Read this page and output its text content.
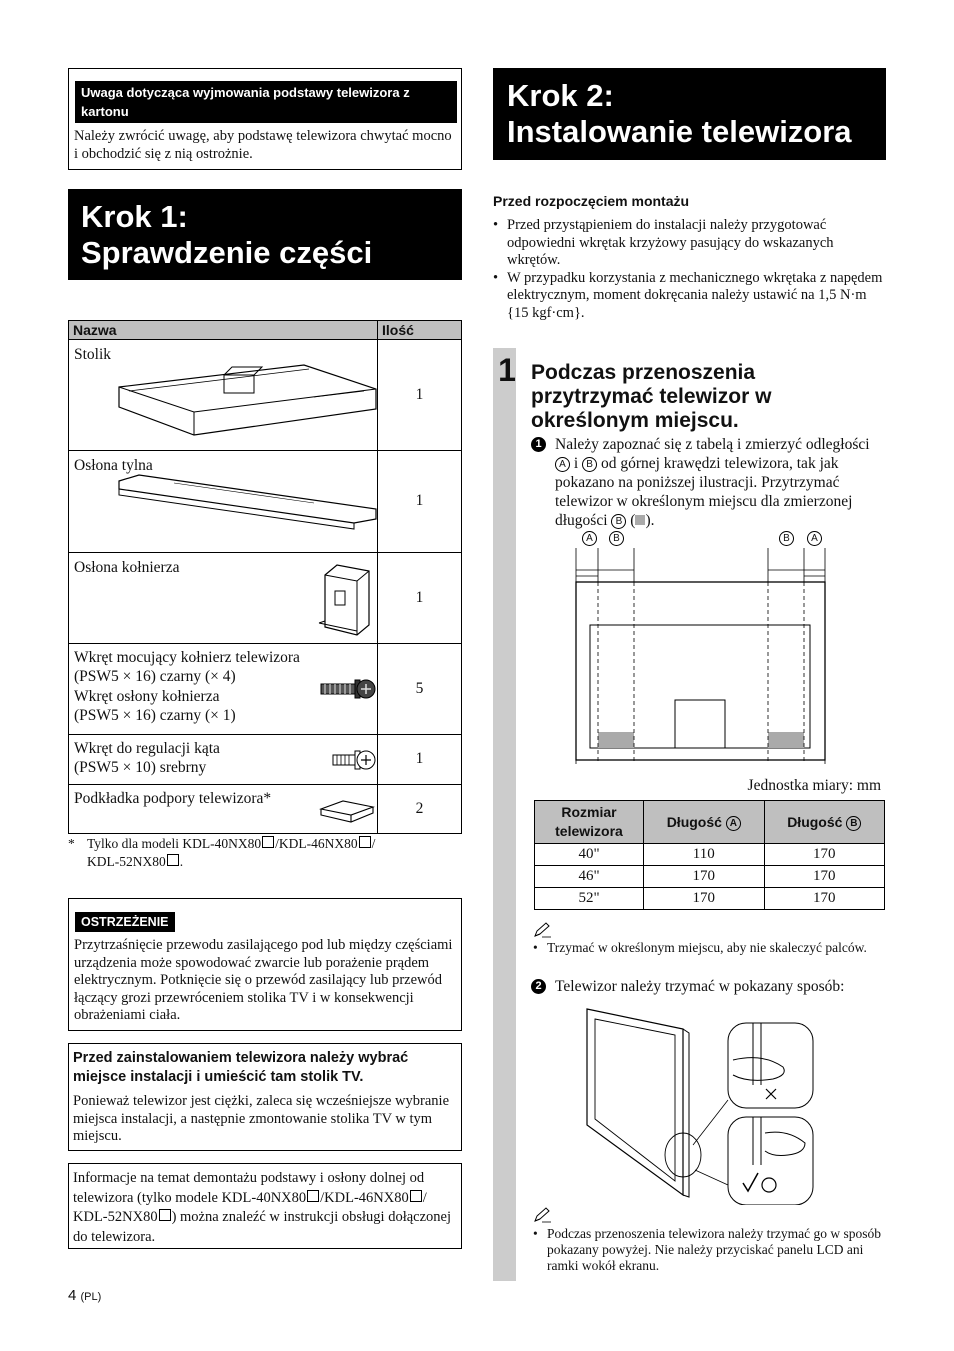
Uwaga dotycząca wyjmowania podstawy telewizora z kartonu
Należy zwrócić uwagę, aby podstawę telewizora chwytać mocno i obchodzić się z nią ostrożnie.
Krok 1:
Sprawdzenie części
Nazwa	Ilość

Stolik	1

Osłona tylna	1

Osłona kołnierza	1

Wkręt mocujący kołnierz telewizora
(PSW5 × 16) czarny (× 4)
Wkręt osłony kołnierza
(PSW5 × 16) czarny (× 1)	5

Wkręt do regulacji kąta
(PSW5 × 10) srebrny	1

Podkładka podpory telewizora*	2
* Tylko dla modeli KDL-40NX80 /KDL-46NX80 /
KDL-52NX80 .
OSTRZEŻENIE
Przytrzaśnięcie przewodu zasilającego pod lub między częściami urządzenia może spowodować zwarcie lub porażenie prądem elektrycznym. Potknięcie się o przewód zasilający lub przewód łączący grozi przewróceniem stolika TV i w konsekwencji obrażeniami ciała.
Przed zainstalowaniem telewizora należy wybrać miejsce instalacji i umieścić tam stolik TV.
Ponieważ telewizor jest ciężki, zaleca się wcześniejsze wybranie miejsca instalacji, a następnie zmontowanie stolika TV w tym miejscu.
Informacje na temat demontażu podstawy i osłony dolnej od telewizora (tylko modele KDL-40NX80 /KDL-46NX80 / KDL-52NX80 ) można znaleźć w instrukcji obsługi dołączonej do telewizora.
4 (PL)
Krok 2:
Instalowanie telewizora
Przed rozpoczęciem montażu
• Przed przystąpieniem do instalacji należy przygotować odpowiedni wkrętak krzyżowy pasujący do wskazanych wkrętów.
• W przypadku korzystania z mechanicznego wkrętaka z napędem elektrycznym, moment dokręcania należy ustawić na 1,5 N·m {15 kgf·cm}.
1 Podczas przenoszenia przytrzymać telewizor w określonym miejscu.
1 Należy zapoznać się z tabelą i zmierzyć odległości A i B od górnej krawędzi telewizora, tak jak pokazano na poniższej ilustracji. Przytrzymać telewizor w określonym miejscu dla zmierzonej długości B ( ).
A	B	B	A
Jednostka miary: mm
Rozmiar telewizora	Długość A	Długość B
40"	110	170
46"	170	170
52"	170	170
• Trzymać w określonym miejscu, aby nie skaleczyć palców.
2 Telewizor należy trzymać w pokazany sposób:
• Podczas przenoszenia telewizora należy trzymać go w sposób pokazany powyżej. Nie należy przyciskać panelu LCD ani ramki wokół ekranu.
